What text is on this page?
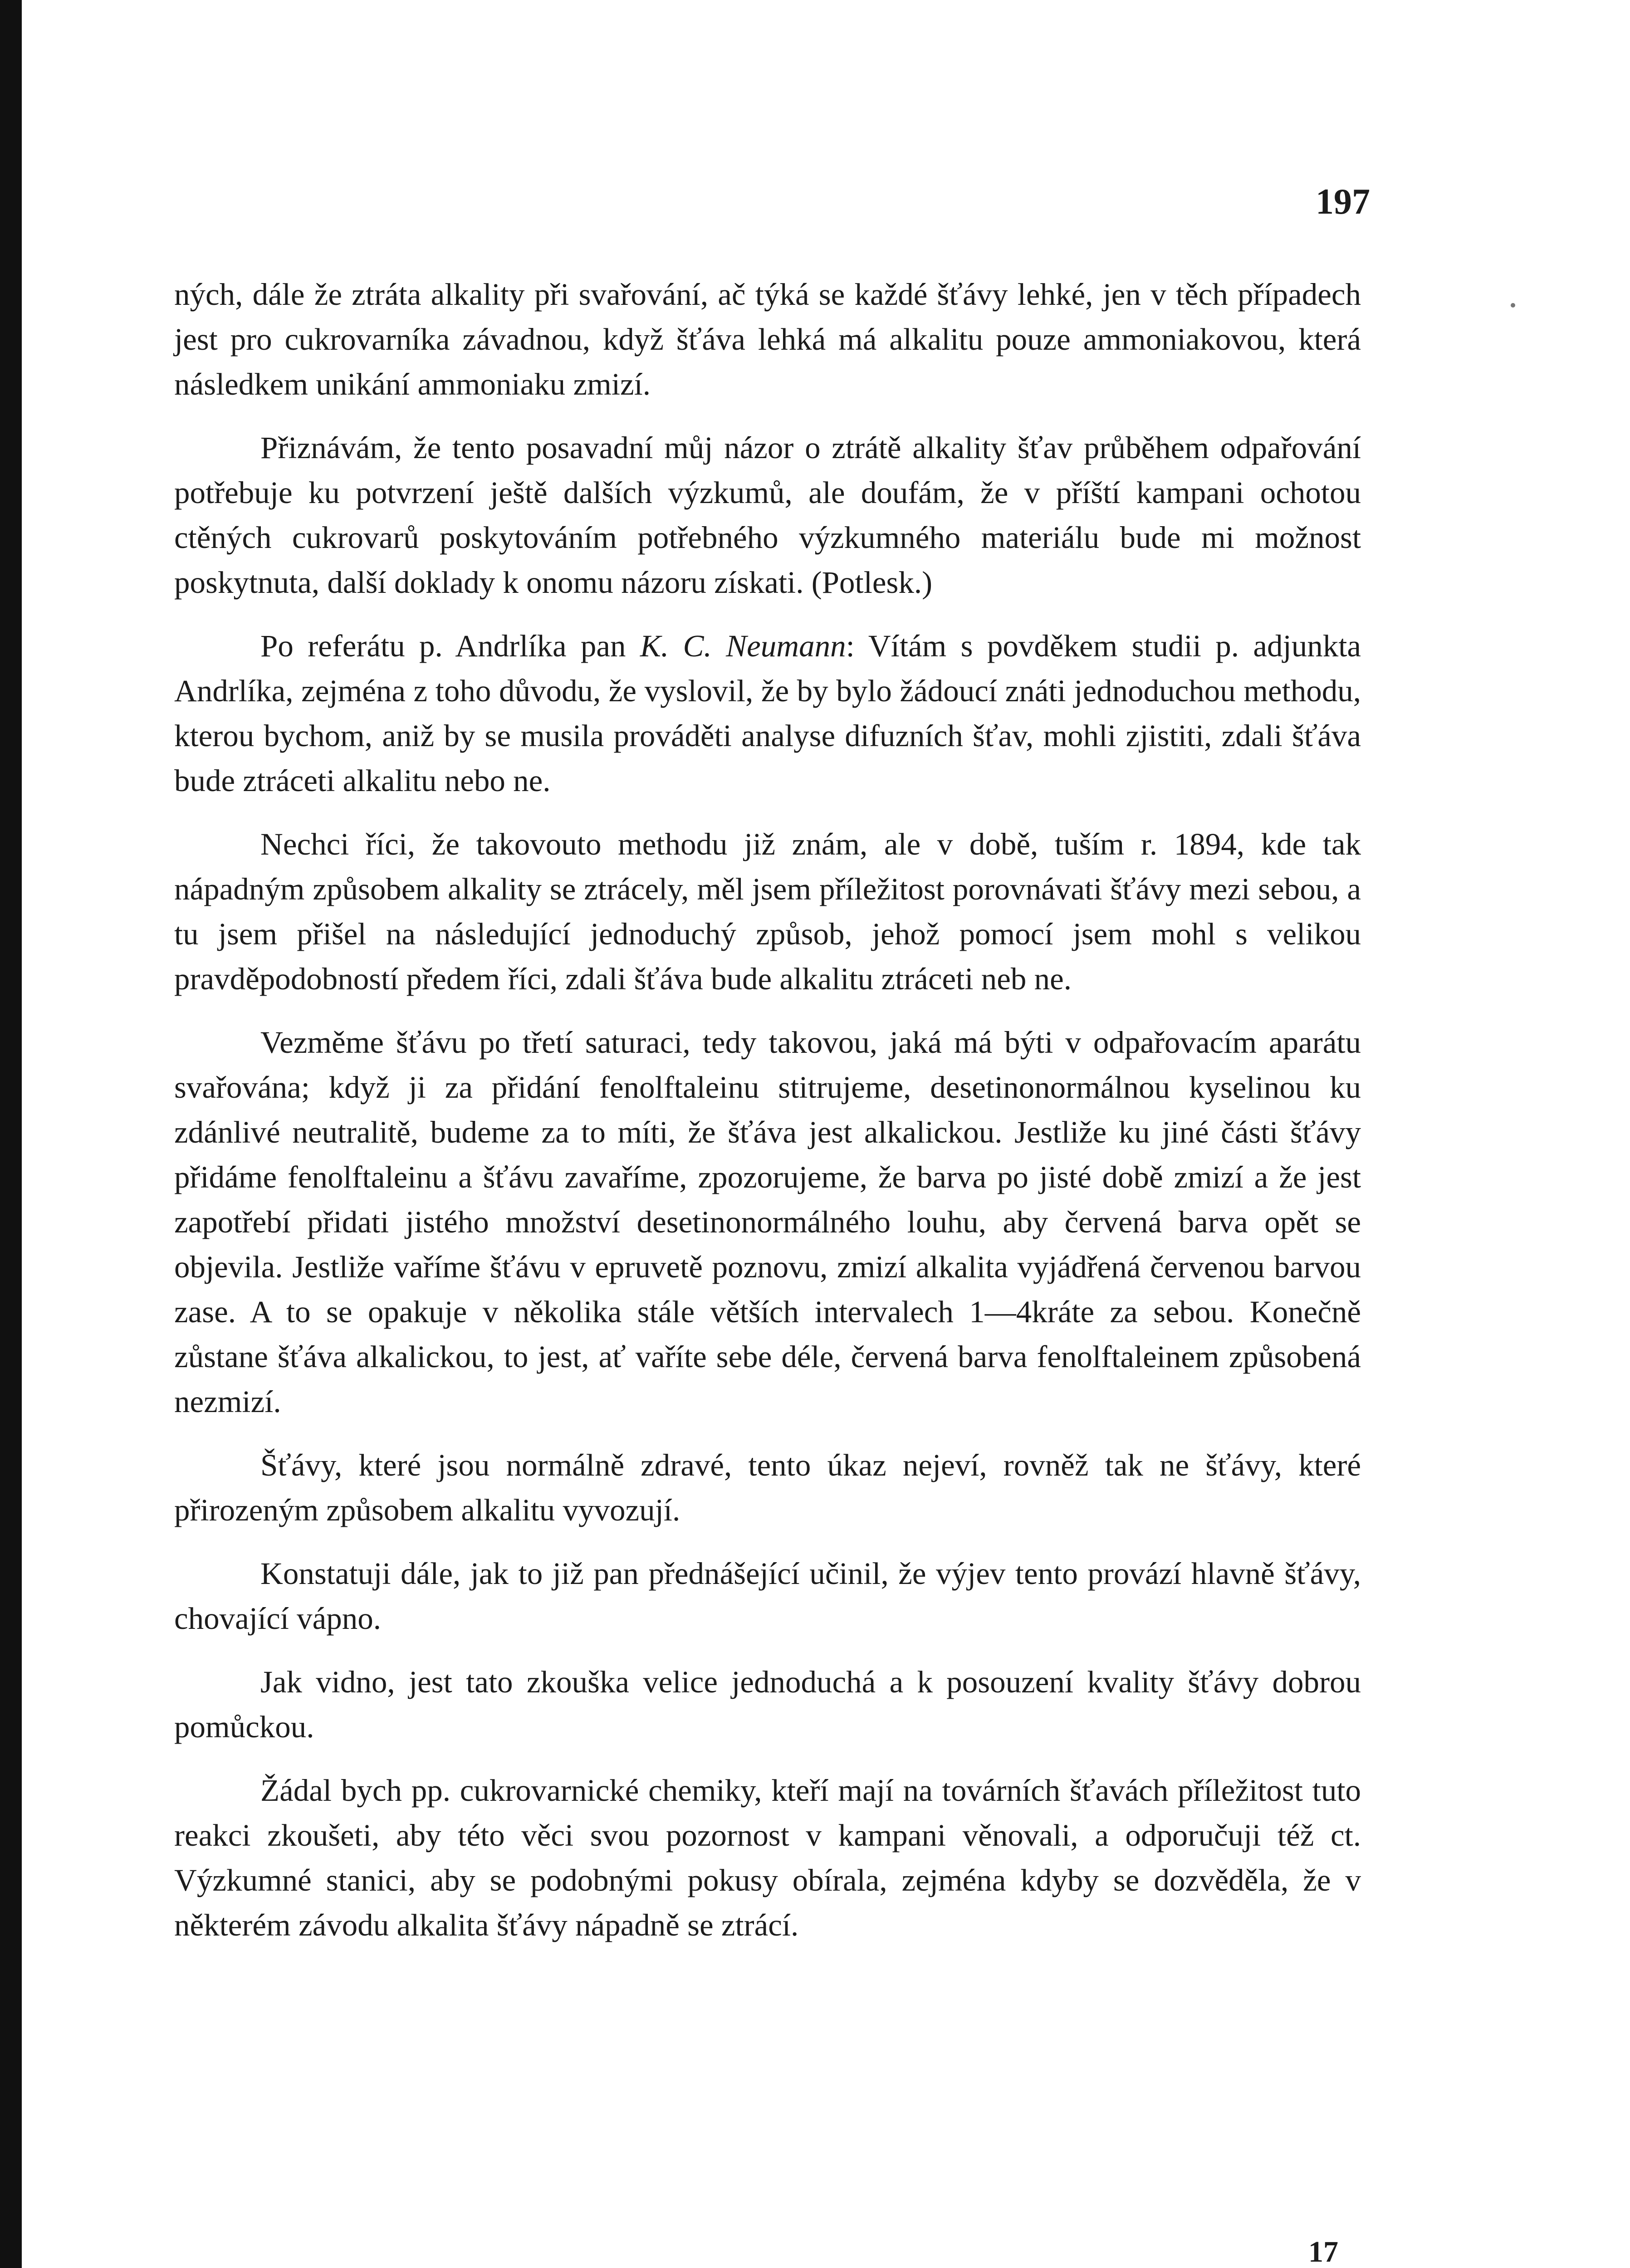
197

ných, dále že ztráta alkality při svařování, ač týká se každé šťávy lehké, jen v těch případech jest pro cukrovarníka závadnou, když šťáva lehká má alkalitu pouze ammoniakovou, která následkem unikání ammoniaku zmizí.

Přiznávám, že tento posavadní můj názor o ztrátě alkality šťav průběhem odpařování potřebuje ku potvrzení ještě dalších výzkumů, ale doufám, že v příští kampani ochotou ctěných cukrovarů poskytováním potřebného výzkumného materiálu bude mi možnost poskytnuta, další doklady k onomu názoru získati. (Potlesk.)

Po referátu p. Andrlíka pan K. C. Neumann: Vítám s povděkem studii p. adjunkta Andrlíka, zejména z toho důvodu, že vyslovil, že by bylo žádoucí znáti jednoduchou methodu, kterou bychom, aniž by se musila prováděti analyse difuzních šťav, mohli zjistiti, zdali šťáva bude ztráceti alkalitu nebo ne.

Nechci říci, že takovouto methodu již znám, ale v době, tuším r. 1894, kde tak nápadným způsobem alkality se ztrácely, měl jsem příležitost porovnávati šťávy mezi sebou, a tu jsem přišel na následující jednoduchý způsob, jehož pomocí jsem mohl s velikou pravděpodobností předem říci, zdali šťáva bude alkalitu ztráceti neb ne.

Vezměme šťávu po třetí saturaci, tedy takovou, jaká má býti v odpařovacím aparátu svařována; když ji za přidání fenolftaleinu stitrujeme, desetinonormálnou kyselinou ku zdánlivé neutralitě, budeme za to míti, že šťáva jest alkalickou. Jestliže ku jiné části šťávy přidáme fenolftaleinu a šťávu zavaříme, zpozorujeme, že barva po jisté době zmizí a že jest zapotřebí přidati jistého množství desetinonormálného louhu, aby červená barva opět se objevila. Jestliže vaříme šťávu v epruvetě poznovu, zmizí alkalita vyjádřená červenou barvou zase. A to se opakuje v několika stále větších intervalech 1—4kráte za sebou. Konečně zůstane šťáva alkalickou, to jest, ať vaříte sebe déle, červená barva fenolftaleinem způsobená nezmizí.

Šťávy, které jsou normálně zdravé, tento úkaz nejeví, rovněž tak ne šťávy, které přirozeným způsobem alkalitu vyvozují.

Konstatuji dále, jak to již pan přednášející učinil, že výjev tento provází hlavně šťávy, chovající vápno.

Jak vidno, jest tato zkouška velice jednoduchá a k posouzení kvality šťávy dobrou pomůckou.

Žádal bych pp. cukrovarnické chemiky, kteří mají na továrních šťavách příležitost tuto reakci zkoušeti, aby této věci svou pozornost v kampani věnovali, a odporučuji též ct. Výzkumné stanici, aby se podobnými pokusy obírala, zejména kdyby se dozvěděla, že v některém závodu alkalita šťávy nápadně se ztrácí.

17
